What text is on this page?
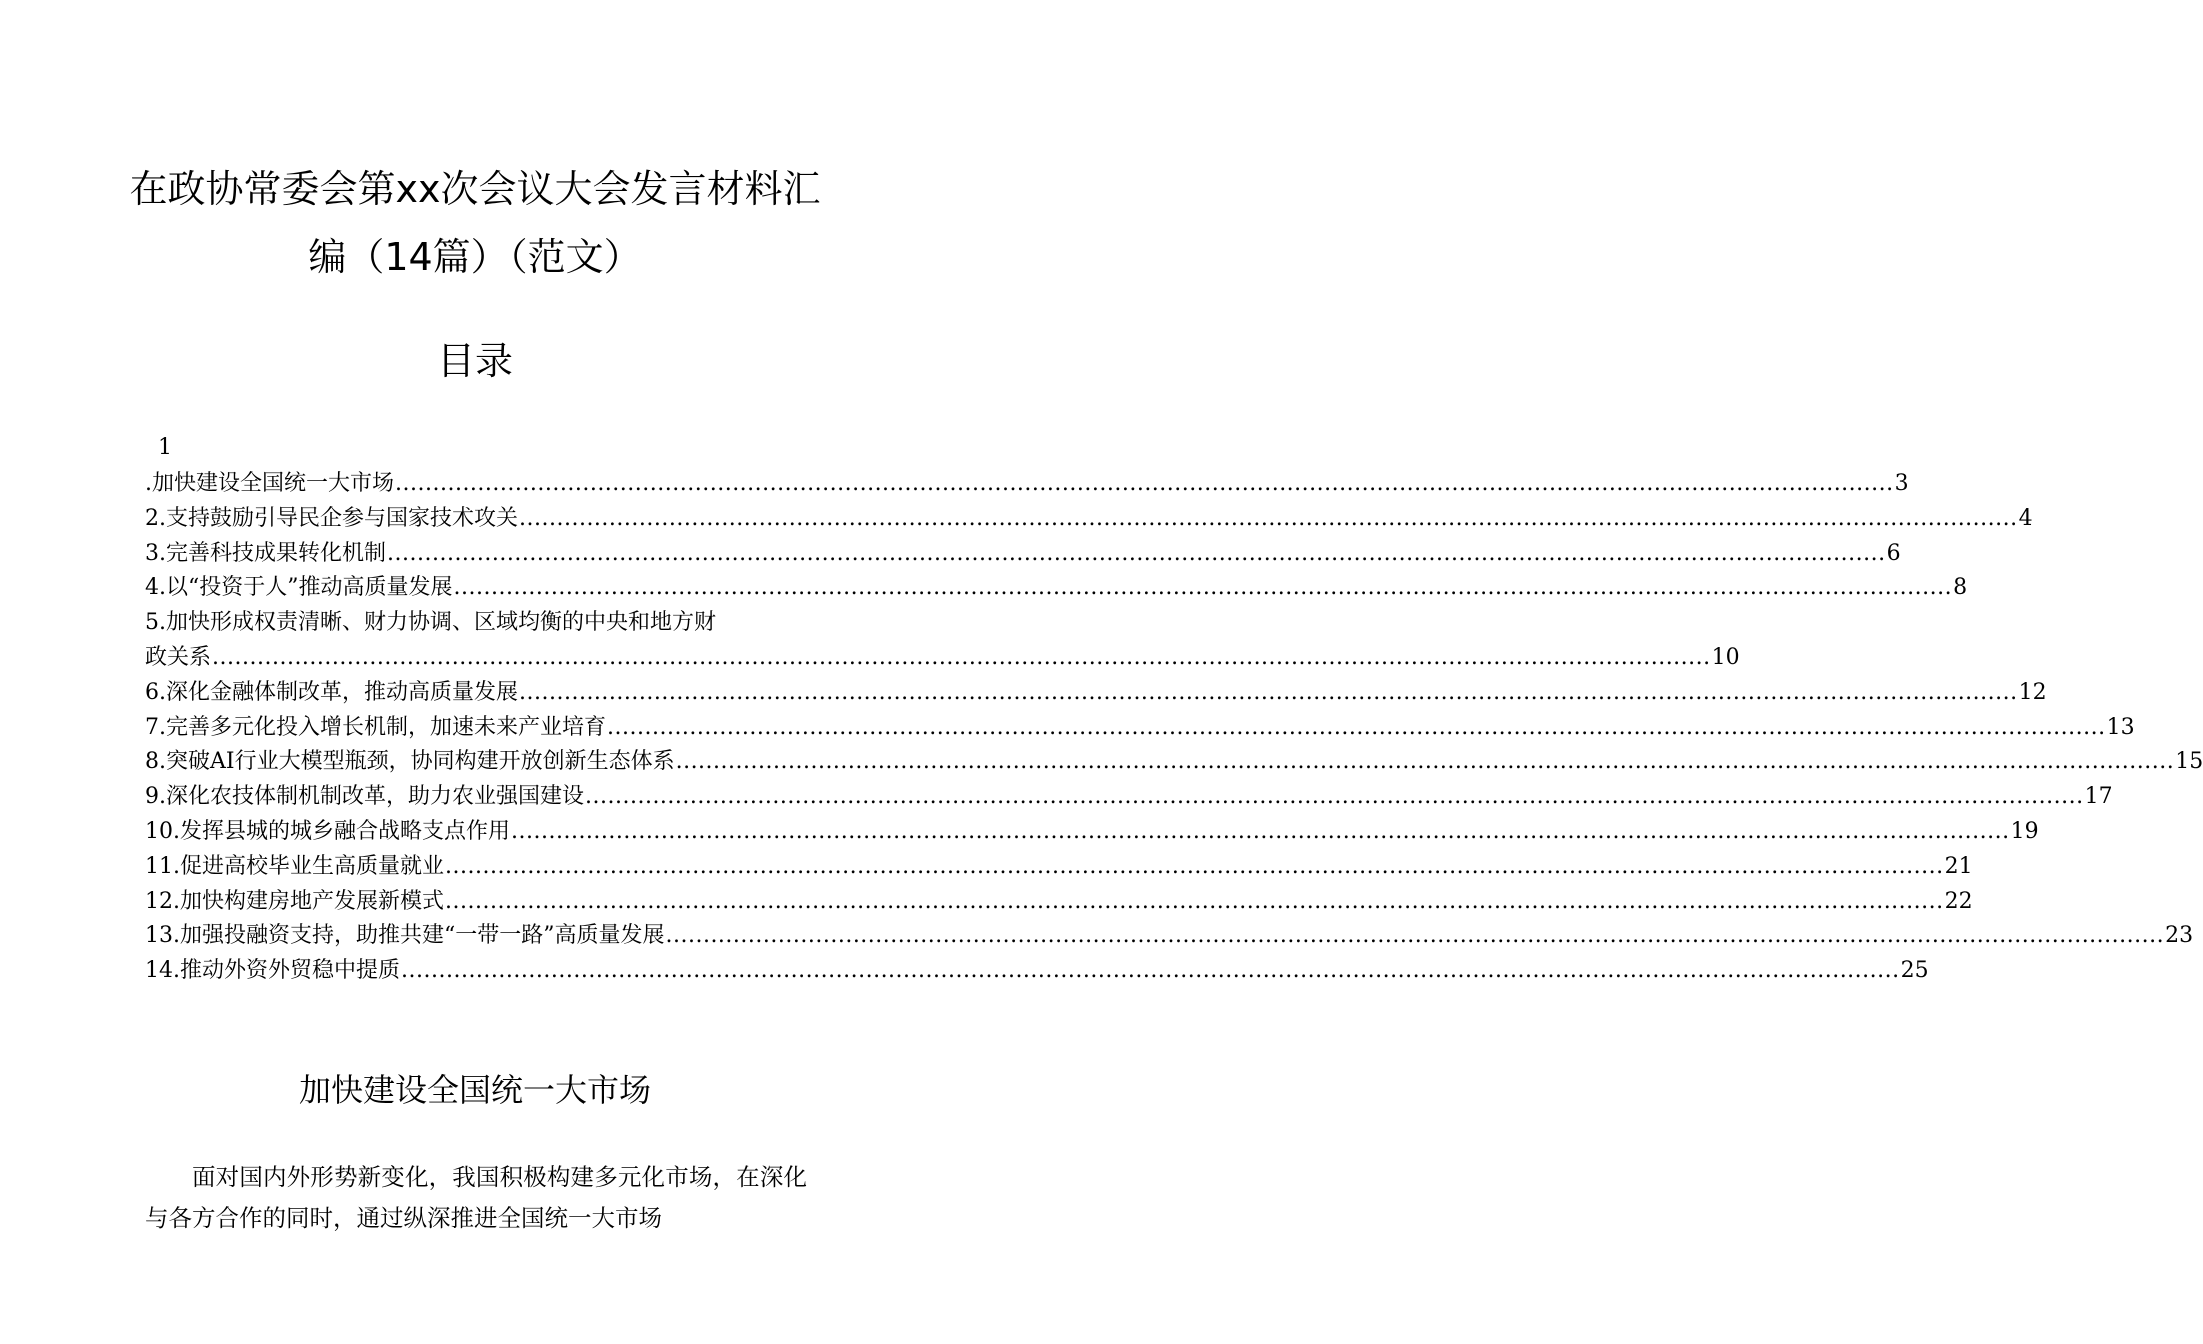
在政协常委会第xx次会议大会发言材料汇
编（14篇）（范文）
目录
1
.加快建设全国统一大市场 ........................................................................................................................................................................................................ 3
2.支持鼓励引导民企参与国家技术攻关 ........................................................................................................................................................................................................ 4
3.完善科技成果转化机制 ........................................................................................................................................................................................................ 6
4.以“投资于人”推动高质量发展 ........................................................................................................................................................................................................ 8
5.加快形成权责清晰、财力协调、区域均衡的中央和地方财
政关系 ........................................................................................................................................................................................................ 10
6.深化金融体制改革，推动高质量发展 ........................................................................................................................................................................................................ 12
7.完善多元化投入增长机制，加速未来产业培育 ........................................................................................................................................................................................................ 13
8.突破AI行业大模型瓶颈，协同构建开放创新生态体系 ........................................................................................................................................................................................................ 15
9.深化农技体制机制改革，助力农业强国建设 ........................................................................................................................................................................................................ 17
10.发挥县城的城乡融合战略支点作用 ........................................................................................................................................................................................................ 19
11.促进高校毕业生高质量就业 ........................................................................................................................................................................................................ 21
12.加快构建房地产发展新模式 ........................................................................................................................................................................................................ 22
13.加强投融资支持，助推共建“一带一路”高质量发展 ........................................................................................................................................................................................................ 23
14.推动外资外贸稳中提质 ........................................................................................................................................................................................................ 25
加快建设全国统一大市场

面对国内外形势新变化，我国积极构建多元化市场，在深化与各方合作的同时，通过纵深推进全国统一大市场
